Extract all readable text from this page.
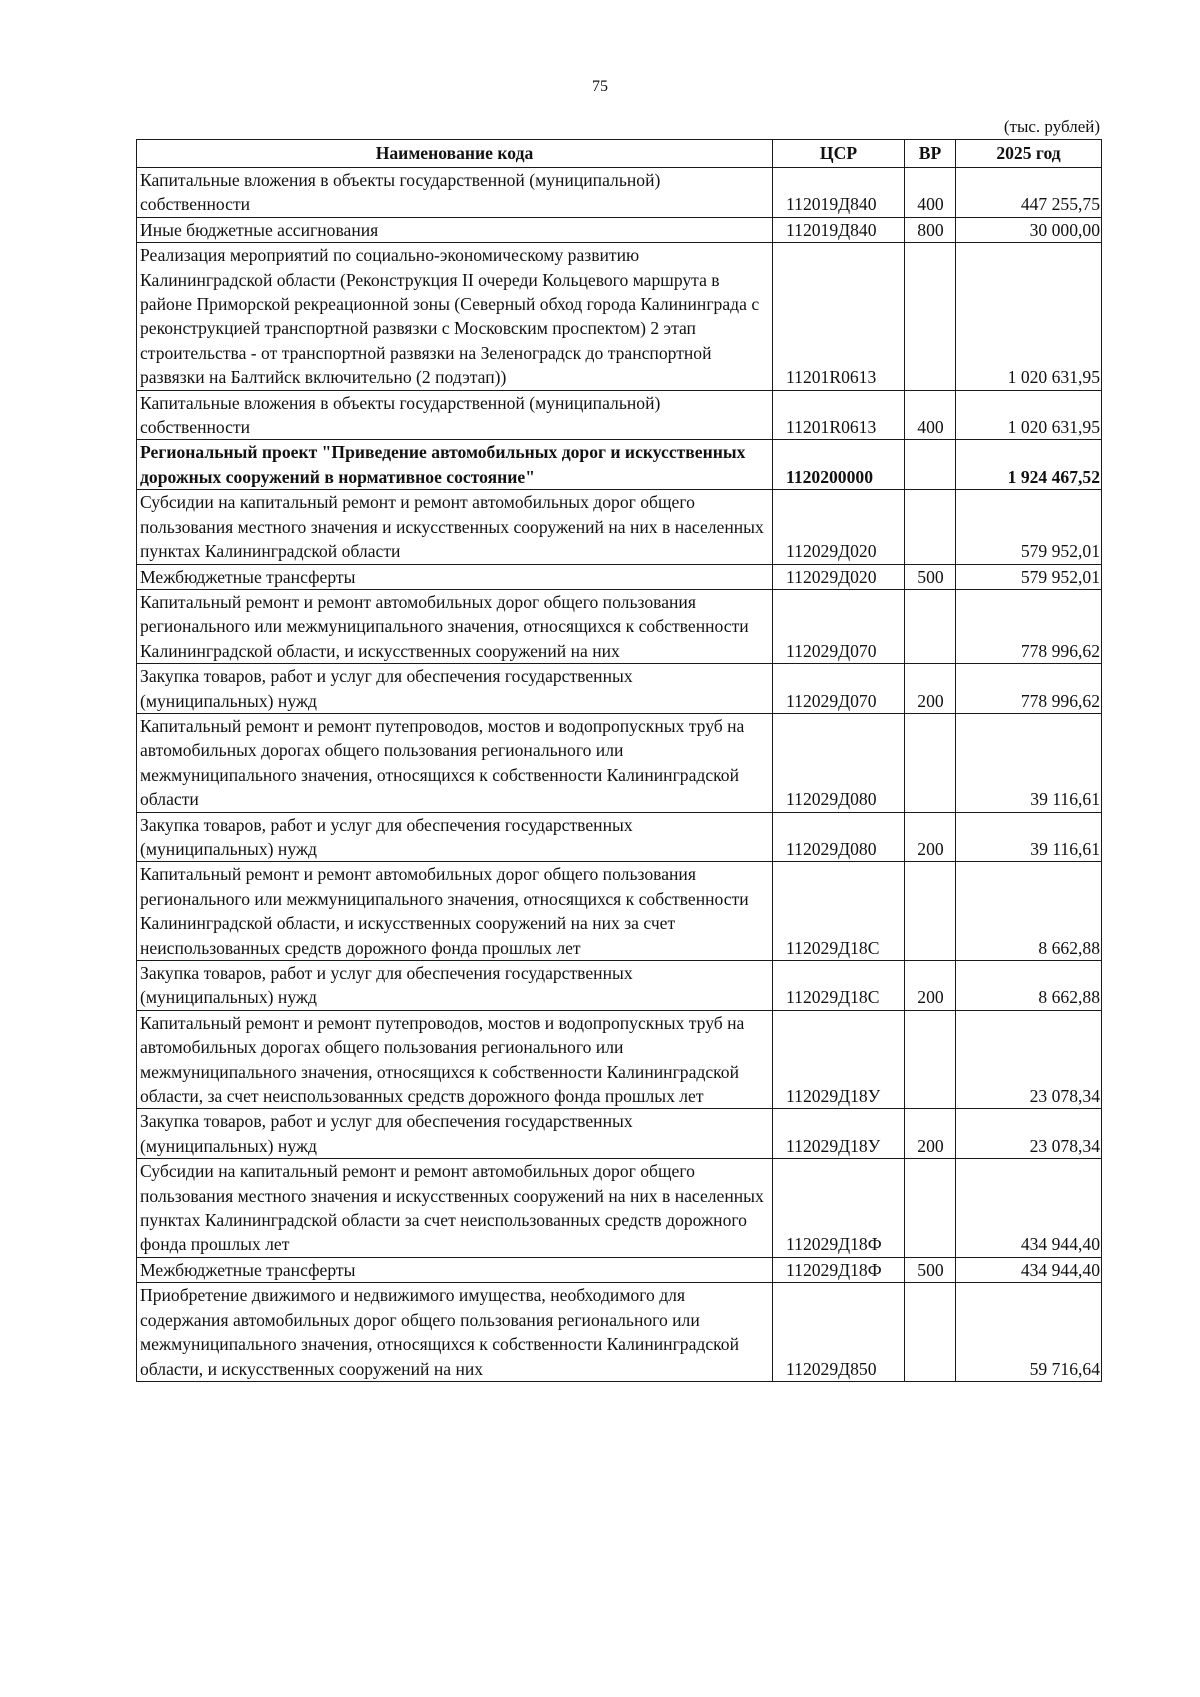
75
(тыс. рублей)
Наименование кода	ЦСР	ВР	2025 год
Капитальные вложения в объекты государственной (муниципальной) собственности	112019Д840	400	447 255,75
Иные бюджетные ассигнования	112019Д840	800	30 000,00
Реализация мероприятий по социально-экономическому развитию Калининградской области (Реконструкция II очереди Кольцевого маршрута в районе Приморской рекреационной зоны (Северный обход города Калининграда с реконструкцией транспортной развязки с Московским проспектом) 2 этап строительства - от транспортной развязки на Зеленоградск до транспортной развязки на Балтийск включительно (2 подэтап))	11201R0613		1 020 631,95
Капитальные вложения в объекты государственной (муниципальной) собственности	11201R0613	400	1 020 631,95
Региональный проект "Приведение автомобильных дорог и искусственных дорожных сооружений в нормативное состояние"	1120200000		1 924 467,52
Субсидии на капитальный ремонт и ремонт автомобильных дорог общего пользования местного значения и искусственных сооружений на них в населенных пунктах Калининградской области	112029Д020		579 952,01
Межбюджетные трансферты	112029Д020	500	579 952,01
Капитальный ремонт и ремонт автомобильных дорог общего пользования регионального или межмуниципального значения, относящихся к собственности Калининградской области, и искусственных сооружений на них	112029Д070		778 996,62
Закупка товаров, работ и услуг для обеспечения государственных (муниципальных) нужд	112029Д070	200	778 996,62
Капитальный ремонт и ремонт путепроводов, мостов и водопропускных труб на автомобильных дорогах общего пользования регионального или межмуниципального значения, относящихся к собственности Калининградской области	112029Д080		39 116,61
Закупка товаров, работ и услуг для обеспечения государственных (муниципальных) нужд	112029Д080	200	39 116,61
Капитальный ремонт и ремонт автомобильных дорог общего пользования регионального или межмуниципального значения, относящихся к собственности Калининградской области, и искусственных сооружений на них за счет неиспользованных средств дорожного фонда прошлых лет	112029Д18С		8 662,88
Закупка товаров, работ и услуг для обеспечения государственных (муниципальных) нужд	112029Д18С	200	8 662,88
Капитальный ремонт и ремонт путепроводов, мостов и водопропускных труб на автомобильных дорогах общего пользования регионального или межмуниципального значения, относящихся к собственности Калининградской области, за счет неиспользованных средств дорожного фонда прошлых лет	112029Д18У		23 078,34
Закупка товаров, работ и услуг для обеспечения государственных (муниципальных) нужд	112029Д18У	200	23 078,34
Субсидии на капитальный ремонт и ремонт автомобильных дорог общего пользования местного значения и искусственных сооружений на них в населенных пунктах Калининградской области за счет неиспользованных средств дорожного фонда прошлых лет	112029Д18Ф		434 944,40
Межбюджетные трансферты	112029Д18Ф	500	434 944,40
Приобретение движимого и недвижимого имущества, необходимого для содержания автомобильных дорог общего пользования регионального или межмуниципального значения, относящихся к собственности Калининградской области, и искусственных сооружений на них	112029Д850		59 716,64
